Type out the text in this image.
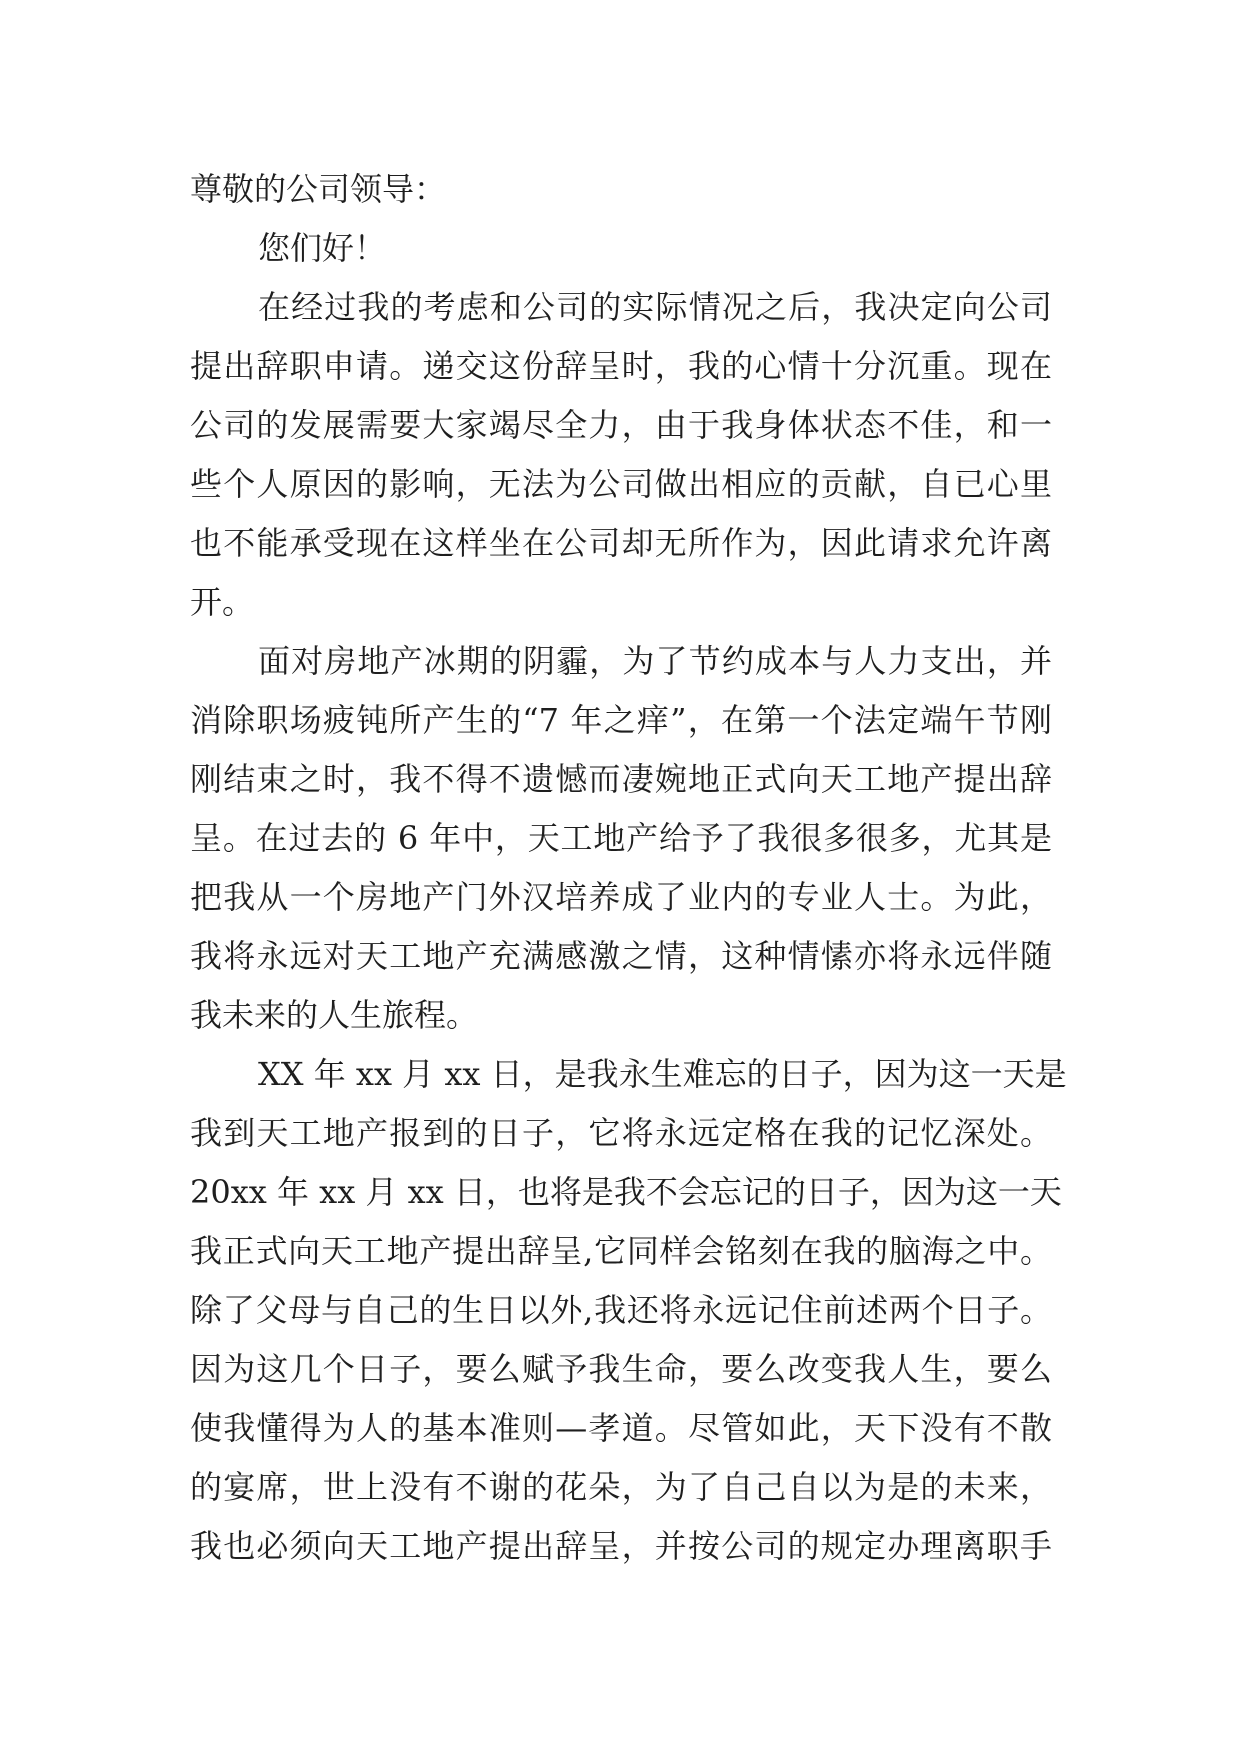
尊敬的公司领导：
您们好！
在经过我的考虑和公司的实际情况之后，我决定向公司
提出辞职申请。递交这份辞呈时，我的心情十分沉重。现在
公司的发展需要大家竭尽全力，由于我身体状态不佳，和一
些个人原因的影响，无法为公司做出相应的贡献，自已心里
也不能承受现在这样坐在公司却无所作为，因此请求允许离
开。
面对房地产冰期的阴霾，为了节约成本与人力支出，并
消除职场疲钝所产生的“7 年之痒”，在第一个法定端午节刚
刚结束之时，我不得不遗憾而凄婉地正式向天工地产提出辞
呈。在过去的 6 年中，天工地产给予了我很多很多，尤其是
把我从一个房地产门外汉培养成了业内的专业人士。为此，
我将永远对天工地产充满感激之情，这种情愫亦将永远伴随
我未来的人生旅程。
XX 年 xx 月 xx 日，是我永生难忘的日子，因为这一天是
我到天工地产报到的日子，它将永远定格在我的记忆深处。
20xx 年 xx 月 xx 日，也将是我不会忘记的日子，因为这一天
我正式向天工地产提出辞呈,它同样会铭刻在我的脑海之中。
除了父母与自己的生日以外,我还将永远记住前述两个日子。
因为这几个日子，要么赋予我生命，要么改变我人生，要么
使我懂得为人的基本准则—孝道。尽管如此，天下没有不散
的宴席，世上没有不谢的花朵，为了自己自以为是的未来，
我也必须向天工地产提出辞呈，并按公司的规定办理离职手
